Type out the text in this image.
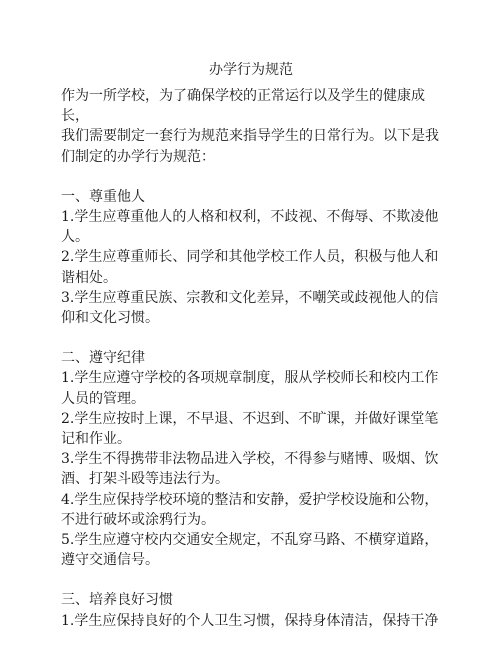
办学行为规范

作为一所学校，为了确保学校的正常运行以及学生的健康成长，

我们需要制定一套行为规范来指导学生的日常行为。以下是我

们制定的办学行为规范：

一、尊重他人

1.学生应尊重他人的人格和权利，不歧视、不侮辱、不欺凌他

人。

2.学生应尊重师长、同学和其他学校工作人员，积极与他人和

谐相处。

3.学生应尊重民族、宗教和文化差异，不嘲笑或歧视他人的信

仰和文化习惯。

二、遵守纪律

1.学生应遵守学校的各项规章制度，服从学校师长和校内工作

人员的管理。

2.学生应按时上课，不早退、不迟到、不旷课，并做好课堂笔

记和作业。

3.学生不得携带非法物品进入学校，不得参与赌博、吸烟、饮

酒、打架斗殴等违法行为。

4.学生应保持学校环境的整洁和安静，爱护学校设施和公物，

不进行破坏或涂鸦行为。

5.学生应遵守校内交通安全规定，不乱穿马路、不横穿道路，

遵守交通信号。

三、培养良好习惯

1.学生应保持良好的个人卫生习惯，保持身体清洁，保持干净
